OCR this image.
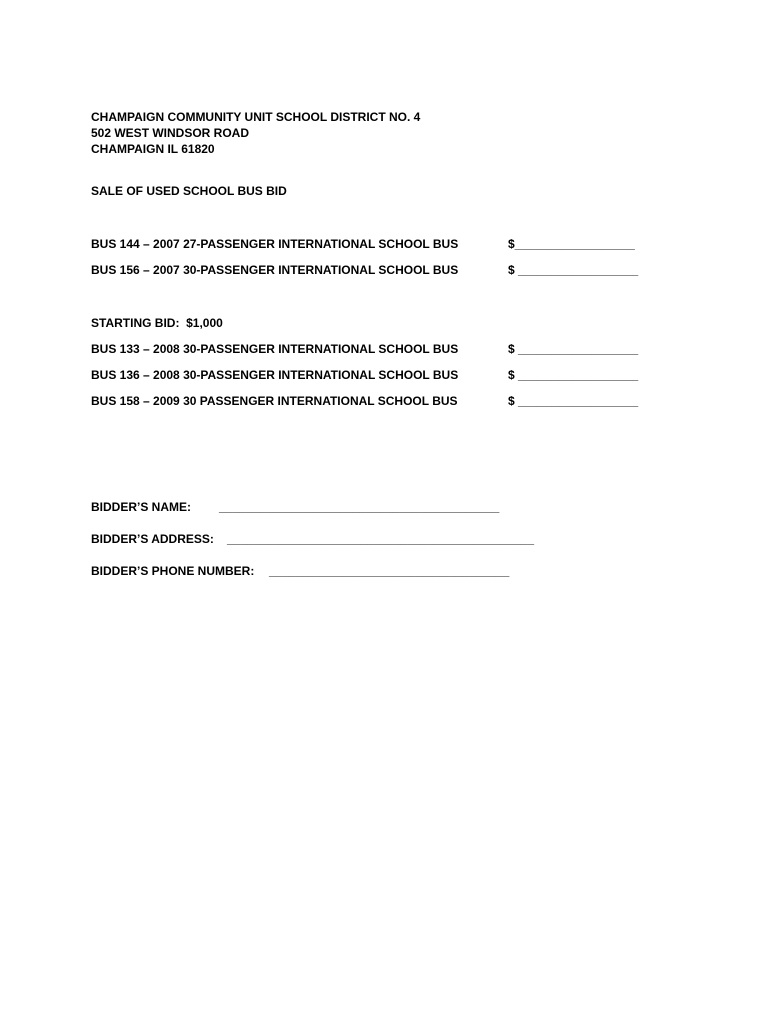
CHAMPAIGN COMMUNITY UNIT SCHOOL DISTRICT NO. 4
502 WEST WINDSOR ROAD
CHAMPAIGN IL 61820
SALE OF USED SCHOOL BUS BID
BUS 144 – 2007 27-PASSENGER INTERNATIONAL SCHOOL BUS	$__________________
BUS 156 – 2007 30-PASSENGER INTERNATIONAL SCHOOL BUS	$ __________________
STARTING BID:  $1,000
BUS 133 – 2008 30-PASSENGER INTERNATIONAL SCHOOL BUS	$ __________________
BUS 136 – 2008 30-PASSENGER INTERNATIONAL SCHOOL BUS	$ __________________
BUS 158 – 2009 30 PASSENGER INTERNATIONAL SCHOOL BUS	$ __________________
BIDDER’S NAME: __________________________________________
BIDDER’S ADDRESS: ______________________________________________
BIDDER’S PHONE NUMBER: ____________________________________
